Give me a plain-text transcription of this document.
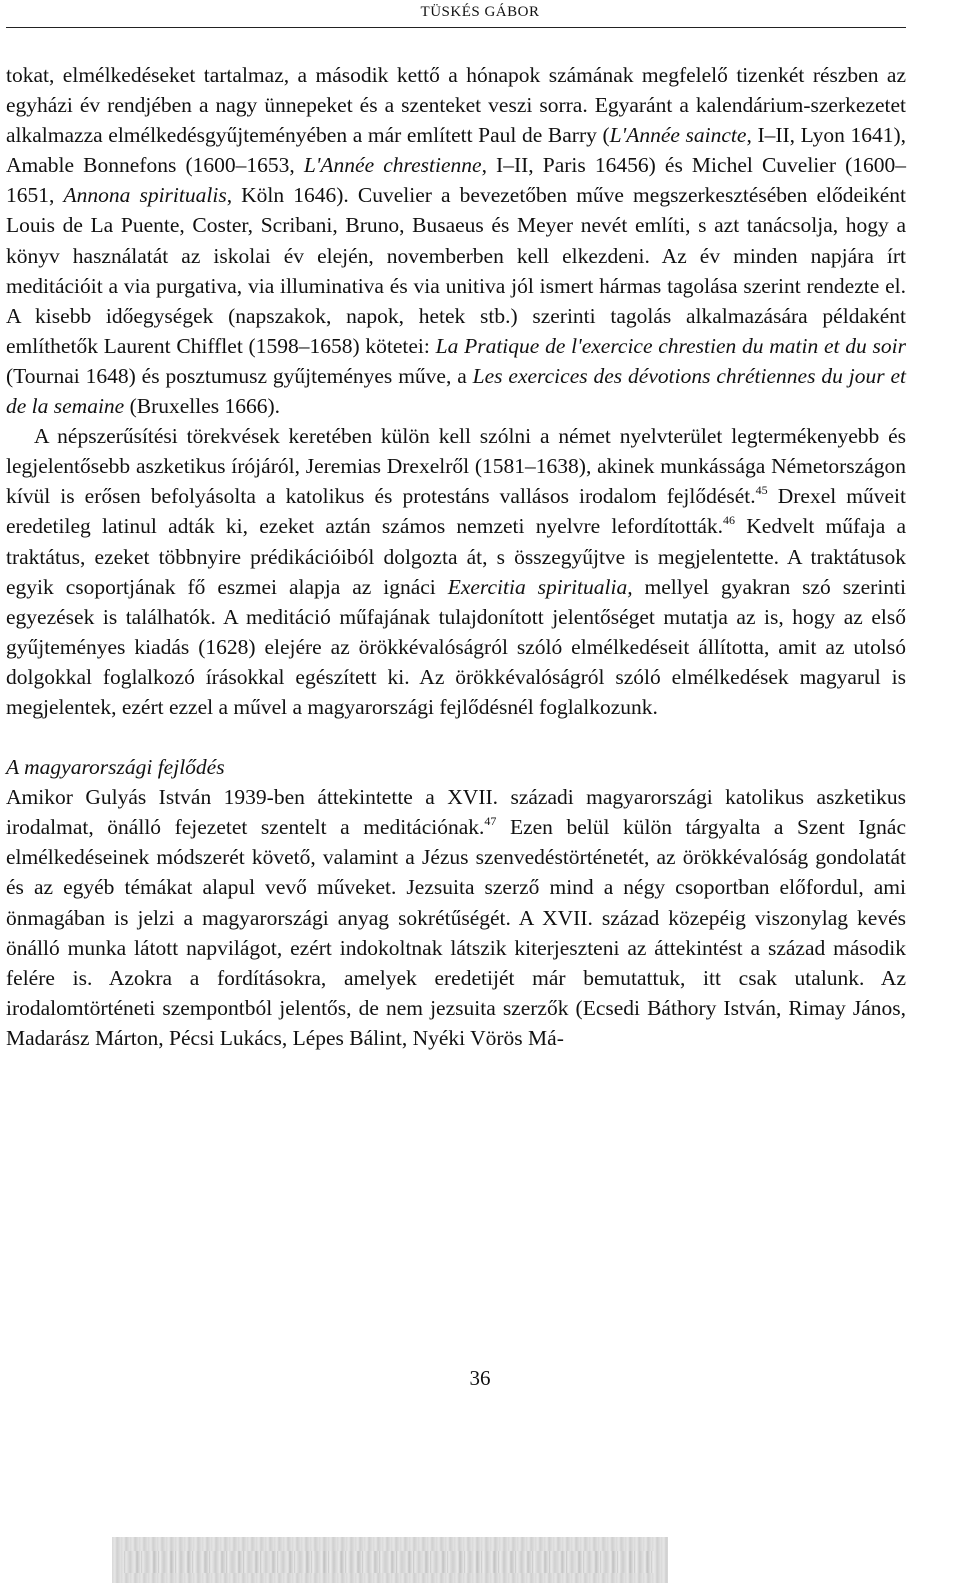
TÜSKÉS GÁBOR

tokat, elmélkedéseket tartalmaz, a második kettő a hónapok számának megfelelő tizenkét részben az egyházi év rendjében a nagy ünnepeket és a szenteket veszi sorra. Egyaránt a kalendárium-szerkezetet alkalmazza elmélkedésgyűjteményében a már említett Paul de Barry (L'Année saincte, I–II, Lyon 1641), Amable Bonnefons (1600–1653, L'Année chrestienne, I–II, Paris 16456) és Michel Cuvelier (1600–1651, Annona spiritualis, Köln 1646). Cuvelier a bevezetőben műve megszerkesztésében elődeiként Louis de La Puente, Coster, Scribani, Bruno, Busaeus és Meyer nevét említi, s azt tanácsolja, hogy a könyv használatát az iskolai év elején, novemberben kell elkezdeni. Az év minden napjára írt meditációit a via purgativa, via illuminativa és via unitiva jól ismert hármas tagolása szerint rendezte el. A kisebb időegységek (napszakok, napok, hetek stb.) szerinti tagolás alkalmazására példaként említhetők Laurent Chifflet (1598–1658) kötetei: La Pratique de l'exercice chrestien du matin et du soir (Tournai 1648) és posztumusz gyűjteményes műve, a Les exercices des dévotions chrétiennes du jour et de la semaine (Bruxelles 1666).

A népszerűsítési törekvések keretében külön kell szólni a német nyelvterület legtermékenyebb és legjelentősebb aszketikus írójáról, Jeremias Drexelről (1581–1638), akinek munkássága Németországon kívül is erősen befolyásolta a katolikus és protestáns vallásos irodalom fejlődését.$^{45}$ Drexel műveit eredetileg latinul adták ki, ezeket aztán számos nemzeti nyelvre lefordították.$^{46}$ Kedvelt műfaja a traktátus, ezeket többnyire prédikációiból dolgozta át, s összegyűjtve is megjelentette. A traktátusok egyik csoportjának fő eszmei alapja az ignáci Exercitia spiritualia, mellyel gyakran szó szerinti egyezések is találhatók. A meditáció műfajának tulajdonított jelentőséget mutatja az is, hogy az első gyűjteményes kiadás (1628) elejére az örökkévalóságról szóló elmélkedéseit állította, amit az utolsó dolgokkal foglalkozó írásokkal egészített ki. Az örökkévalóságról szóló elmélkedések magyarul is megjelentek, ezért ezzel a művel a magyarországi fejlődésnél foglalkozunk.

A magyarországi fejlődés

Amikor Gulyás István 1939-ben áttekintette a XVII. századi magyarországi katolikus aszketikus irodalmat, önálló fejezetet szentelt a meditációnak.$^{47}$ Ezen belül külön tárgyalta a Szent Ignác elmélkedéseinek módszerét követő, valamint a Jézus szenvedéstörténetét, az örökkévalóság gondolatát és az egyéb témákat alapul vevő műveket. Jezsuita szerző mind a négy csoportban előfordul, ami önmagában is jelzi a magyarországi anyag sokrétűségét. A XVII. század közepéig viszonylag kevés önálló munka látott napvilágot, ezért indokoltnak látszik kiterjeszteni az áttekintést a század második felére is. Azokra a fordításokra, amelyek eredetijét már bemutattuk, itt csak utalunk. Az irodalomtörténeti szempontból jelentős, de nem jezsuita szerzők (Ecsedi Báthory István, Rimay János, Madarász Márton, Pécsi Lukács, Lépes Bálint, Nyéki Vörös Má-

36
